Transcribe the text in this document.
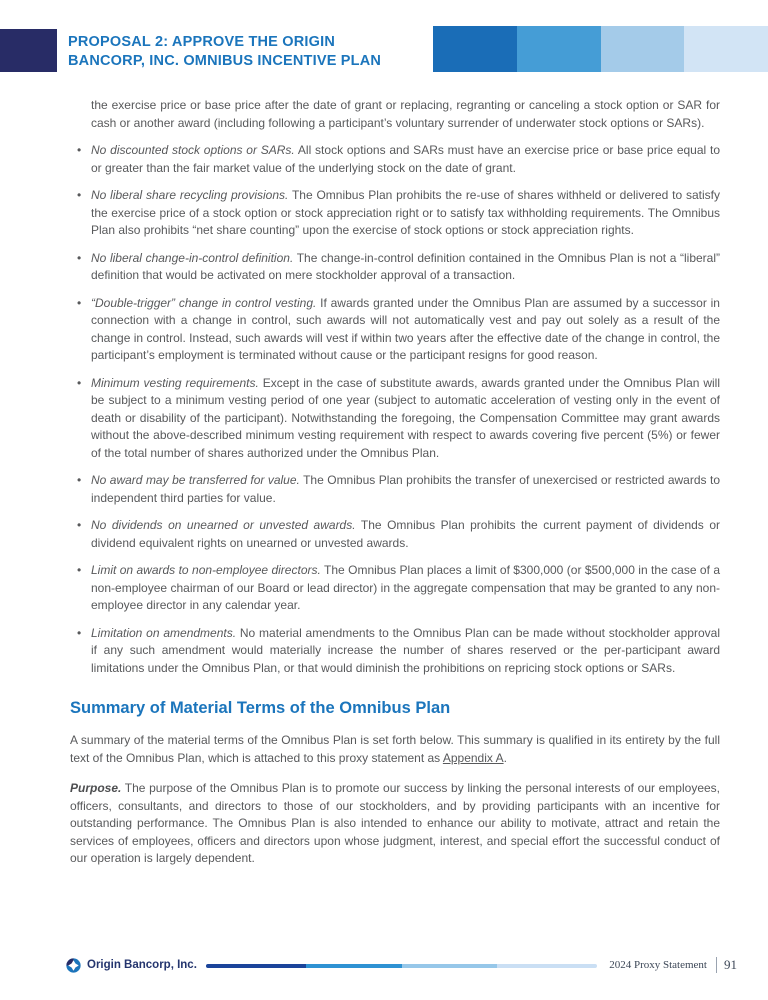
PROPOSAL 2: APPROVE THE ORIGIN
BANCORP, INC. OMNIBUS INCENTIVE PLAN

the exercise price or base price after the date of grant or replacing, regranting or canceling a stock option or SAR for cash or another award (including following a participant’s voluntary surrender of underwater stock options or SARs).

• No discounted stock options or SARs. All stock options and SARs must have an exercise price or base price equal to or greater than the fair market value of the underlying stock on the date of grant.
• No liberal share recycling provisions. The Omnibus Plan prohibits the re-use of shares withheld or delivered to satisfy the exercise price of a stock option or stock appreciation right or to satisfy tax withholding requirements. The Omnibus Plan also prohibits “net share counting” upon the exercise of stock options or stock appreciation rights.
• No liberal change-in-control definition. The change-in-control definition contained in the Omnibus Plan is not a “liberal” definition that would be activated on mere stockholder approval of a transaction.
• “Double-trigger” change in control vesting. If awards granted under the Omnibus Plan are assumed by a successor in connection with a change in control, such awards will not automatically vest and pay out solely as a result of the change in control. Instead, such awards will vest if within two years after the effective date of the change in control, the participant’s employment is terminated without cause or the participant resigns for good reason.
• Minimum vesting requirements. Except in the case of substitute awards, awards granted under the Omnibus Plan will be subject to a minimum vesting period of one year (subject to automatic acceleration of vesting only in the event of death or disability of the participant). Notwithstanding the foregoing, the Compensation Committee may grant awards without the above-described minimum vesting requirement with respect to awards covering five percent (5%) or fewer of the total number of shares authorized under the Omnibus Plan.
• No award may be transferred for value. The Omnibus Plan prohibits the transfer of unexercised or restricted awards to independent third parties for value.
• No dividends on unearned or unvested awards. The Omnibus Plan prohibits the current payment of dividends or dividend equivalent rights on unearned or unvested awards.
• Limit on awards to non-employee directors. The Omnibus Plan places a limit of $300,000 (or $500,000 in the case of a non-employee chairman of our Board or lead director) in the aggregate compensation that may be granted to any non-employee director in any calendar year.
• Limitation on amendments. No material amendments to the Omnibus Plan can be made without stockholder approval if any such amendment would materially increase the number of shares reserved or the per-participant award limitations under the Omnibus Plan, or that would diminish the prohibitions on repricing stock options or SARs.
Summary of Material Terms of the Omnibus Plan

A summary of the material terms of the Omnibus Plan is set forth below. This summary is qualified in its entirety by the full text of the Omnibus Plan, which is attached to this proxy statement as Appendix A.

Purpose. The purpose of the Omnibus Plan is to promote our success by linking the personal interests of our employees, officers, consultants, and directors to those of our stockholders, and by providing participants with an incentive for outstanding performance. The Omnibus Plan is also intended to enhance our ability to motivate, attract and retain the services of employees, officers and directors upon whose judgment, interest, and special effort the successful conduct of our operation is largely dependent.

Origin Bancorp, Inc.	2024 Proxy Statement 91
